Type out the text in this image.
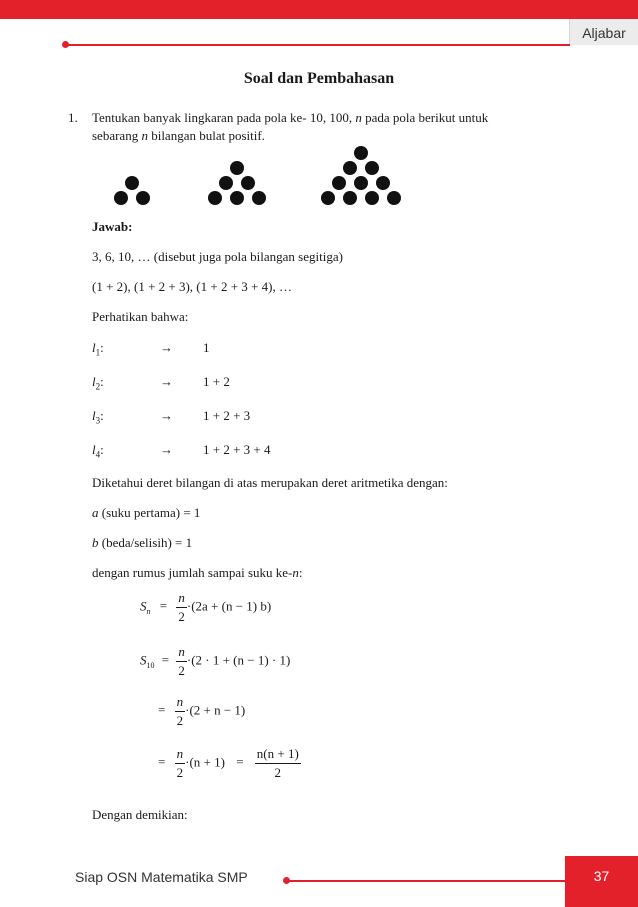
Aljabar
Soal dan Pembahasan
1. Tentukan banyak lingkaran pada pola ke- 10, 100, n pada pola berikut untuk
sebarang n bilangan bulat positif.
Jawab:
3, 6, 10, … (disebut juga pola bilangan segitiga)
(1 + 2), (1 + 2 + 3), (1 + 2 + 3 + 4), …
Perhatikan bahwa:
$l_1$:	→ 1
$l_2$:	→ 1 + 2
$l_3$:	→ 1 + 2 + 3
$l_4$:	→ 1 + 2 + 3 + 4
Diketahui deret bilangan di atas merupakan deret aritmetika dengan:
a (suku pertama) = 1
b (beda/selisih) = 1
dengan rumus jumlah sampai suku ke-n:
$S_n = \frac{n}{2} \cdot(2a + (n - 1)$ b)
$S_{10} = \frac{n}{2} \cdot(2 \cdot 1 + (n - 1) \cdot 1)$
= $\frac{n}{2} \cdot(2 + n - 1)$
= $\frac{n}{2} \cdot(n + 1) = \frac{n(n + 1)}{2}$
Dengan demikian:
37
Siap OSN Matematika SMP
